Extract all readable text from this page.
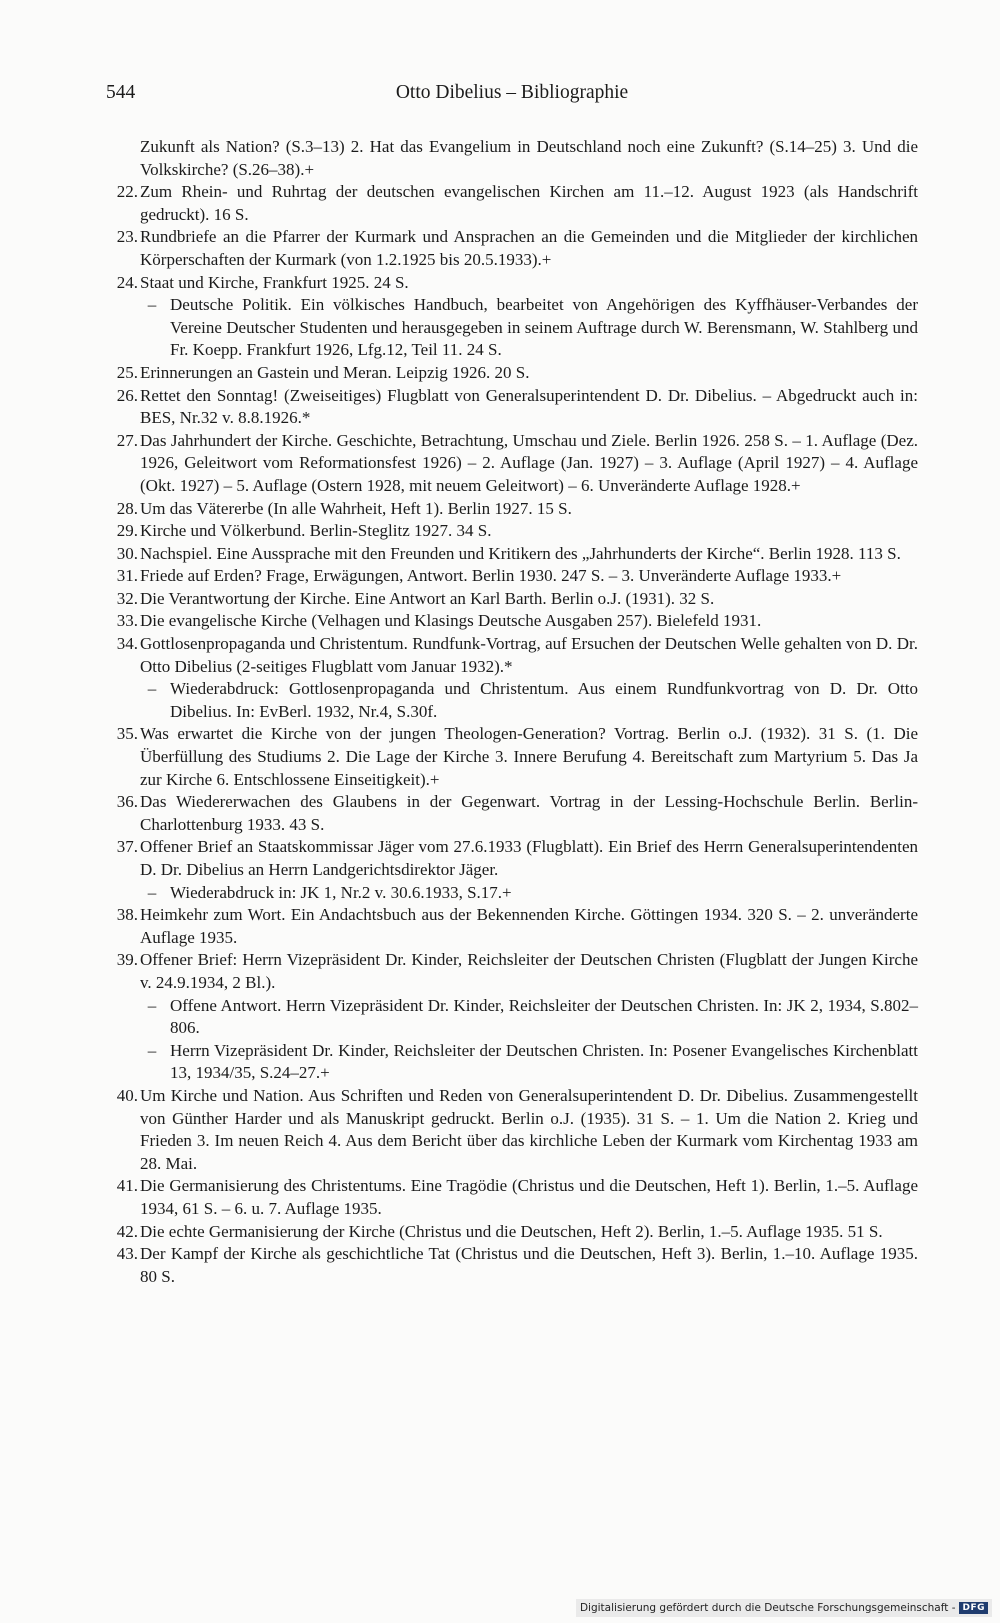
544	Otto Dibelius – Bibliographie
Zukunft als Nation? (S.3–13) 2. Hat das Evangelium in Deutschland noch eine Zukunft? (S.14–25) 3. Und die Volkskirche? (S.26–38).+
22. Zum Rhein- und Ruhrtag der deutschen evangelischen Kirchen am 11.–12. August 1923 (als Handschrift gedruckt). 16 S.
23. Rundbriefe an die Pfarrer der Kurmark und Ansprachen an die Gemeinden und die Mitglieder der kirchlichen Körperschaften der Kurmark (von 1.2.1925 bis 20.5.1933).+
24. Staat und Kirche, Frankfurt 1925. 24 S.
– Deutsche Politik. Ein völkisches Handbuch, bearbeitet von Angehörigen des Kyffhäuser-Verbandes der Vereine Deutscher Studenten und herausgegeben in seinem Auftrage durch W. Berensmann, W. Stahlberg und Fr. Koepp. Frankfurt 1926, Lfg.12, Teil 11. 24 S.
25. Erinnerungen an Gastein und Meran. Leipzig 1926. 20 S.
26. Rettet den Sonntag! (Zweiseitiges) Flugblatt von Generalsuperintendent D. Dr. Dibelius. – Abgedruckt auch in: BES, Nr.32 v. 8.8.1926.*
27. Das Jahrhundert der Kirche. Geschichte, Betrachtung, Umschau und Ziele. Berlin 1926. 258 S. – 1. Auflage (Dez. 1926, Geleitwort vom Reformationsfest 1926) – 2. Auflage (Jan. 1927) – 3. Auflage (April 1927) – 4. Auflage (Okt. 1927) – 5. Auflage (Ostern 1928, mit neuem Geleitwort) – 6. Unveränderte Auflage 1928.+
28. Um das Vätererbe (In alle Wahrheit, Heft 1). Berlin 1927. 15 S.
29. Kirche und Völkerbund. Berlin-Steglitz 1927. 34 S.
30. Nachspiel. Eine Aussprache mit den Freunden und Kritikern des „Jahrhunderts der Kirche“. Berlin 1928. 113 S.
31. Friede auf Erden? Frage, Erwägungen, Antwort. Berlin 1930. 247 S. – 3. Unveränderte Auflage 1933.+
32. Die Verantwortung der Kirche. Eine Antwort an Karl Barth. Berlin o.J. (1931). 32 S.
33. Die evangelische Kirche (Velhagen und Klasings Deutsche Ausgaben 257). Bielefeld 1931.
34. Gottlosenpropaganda und Christentum. Rundfunk-Vortrag, auf Ersuchen der Deutschen Welle gehalten von D. Dr. Otto Dibelius (2-seitiges Flugblatt vom Januar 1932).*
– Wiederabdruck: Gottlosenpropaganda und Christentum. Aus einem Rundfunkvortrag von D. Dr. Otto Dibelius. In: EvBerl. 1932, Nr.4, S.30f.
35. Was erwartet die Kirche von der jungen Theologen-Generation? Vortrag. Berlin o.J. (1932). 31 S. (1. Die Überfüllung des Studiums 2. Die Lage der Kirche 3. Innere Berufung 4. Bereitschaft zum Martyrium 5. Das Ja zur Kirche 6. Entschlossene Einseitigkeit).+
36. Das Wiedererwachen des Glaubens in der Gegenwart. Vortrag in der Lessing-Hochschule Berlin. Berlin-Charlottenburg 1933. 43 S.
37. Offener Brief an Staatskommissar Jäger vom 27.6.1933 (Flugblatt). Ein Brief des Herrn Generalsuperintendenten D. Dr. Dibelius an Herrn Landgerichtsdirektor Jäger.
– Wiederabdruck in: JK 1, Nr.2 v. 30.6.1933, S.17.+
38. Heimkehr zum Wort. Ein Andachtsbuch aus der Bekennenden Kirche. Göttingen 1934. 320 S. – 2. unveränderte Auflage 1935.
39. Offener Brief: Herrn Vizepräsident Dr. Kinder, Reichsleiter der Deutschen Christen (Flugblatt der Jungen Kirche v. 24.9.1934, 2 Bl.).
– Offene Antwort. Herrn Vizepräsident Dr. Kinder, Reichsleiter der Deutschen Christen. In: JK 2, 1934, S.802–806.
– Herrn Vizepräsident Dr. Kinder, Reichsleiter der Deutschen Christen. In: Posener Evangelisches Kirchenblatt 13, 1934/35, S.24–27.+
40. Um Kirche und Nation. Aus Schriften und Reden von Generalsuperintendent D. Dr. Dibelius. Zusammengestellt von Günther Harder und als Manuskript gedruckt. Berlin o.J. (1935). 31 S. – 1. Um die Nation 2. Krieg und Frieden 3. Im neuen Reich 4. Aus dem Bericht über das kirchliche Leben der Kurmark vom Kirchentag 1933 am 28. Mai.
41. Die Germanisierung des Christentums. Eine Tragödie (Christus und die Deutschen, Heft 1). Berlin, 1.–5. Auflage 1934, 61 S. – 6. u. 7. Auflage 1935.
42. Die echte Germanisierung der Kirche (Christus und die Deutschen, Heft 2). Berlin, 1.–5. Auflage 1935. 51 S.
43. Der Kampf der Kirche als geschichtliche Tat (Christus und die Deutschen, Heft 3). Berlin, 1.–10. Auflage 1935. 80 S.
Digitalisierung gefördert durch die Deutsche Forschungsgemeinschaft - DFG
